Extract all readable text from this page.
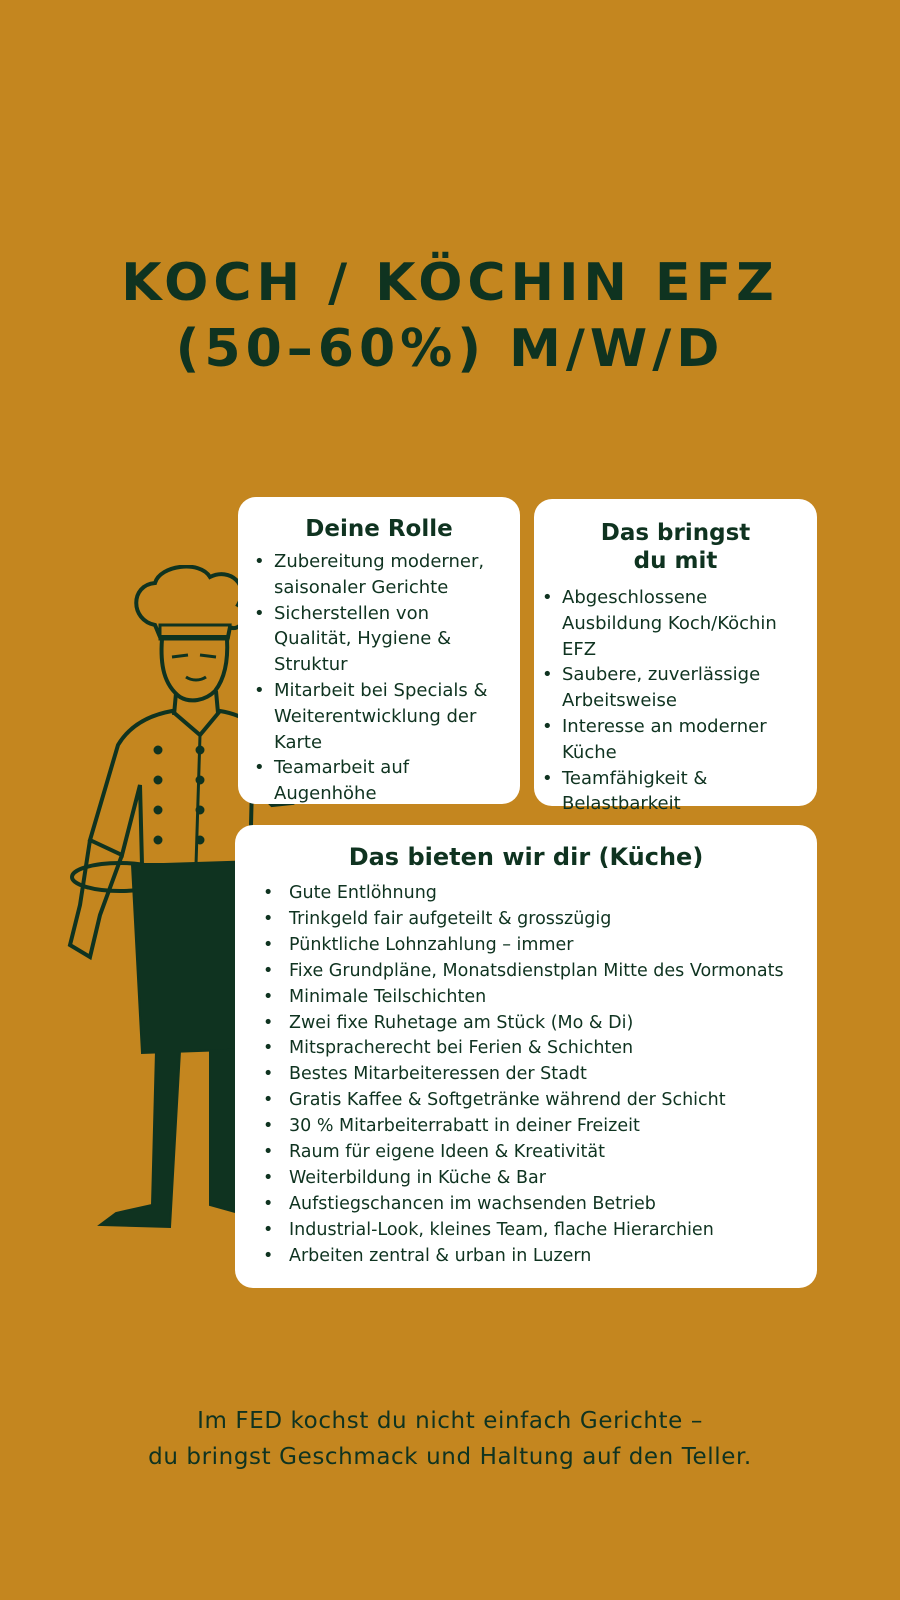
KOCH / KÖCHIN EFZ
(50–60%) M/W/D
Deine Rolle
• Zubereitung moderner, saisonaler Gerichte
• Sicherstellen von Qualität, Hygiene & Struktur
• Mitarbeit bei Specials & Weiterentwicklung der Karte
• Teamarbeit auf Augenhöhe
Das bringst
du mit
• Abgeschlossene Ausbildung Koch/Köchin EFZ
• Saubere, zuverlässige Arbeitsweise
• Interesse an moderner Küche
• Teamfähigkeit & Belastbarkeit
Das bieten wir dir (Küche)
• Gute Entlöhnung
• Trinkgeld fair aufgeteilt & grosszügig
• Pünktliche Lohnzahlung – immer
• Fixe Grundpläne, Monatsdienstplan Mitte des Vormonats
• Minimale Teilschichten
• Zwei fixe Ruhetage am Stück (Mo & Di)
• Mitspracherecht bei Ferien & Schichten
• Bestes Mitarbeiteressen der Stadt
• Gratis Kaffee & Softgetränke während der Schicht
• 30 % Mitarbeiterrabatt in deiner Freizeit
• Raum für eigene Ideen & Kreativität
• Weiterbildung in Küche & Bar
• Aufstiegschancen im wachsenden Betrieb
• Industrial-Look, kleines Team, flache Hierarchien
• Arbeiten zentral & urban in Luzern
Im FED kochst du nicht einfach Gerichte –
du bringst Geschmack und Haltung auf den Teller.
